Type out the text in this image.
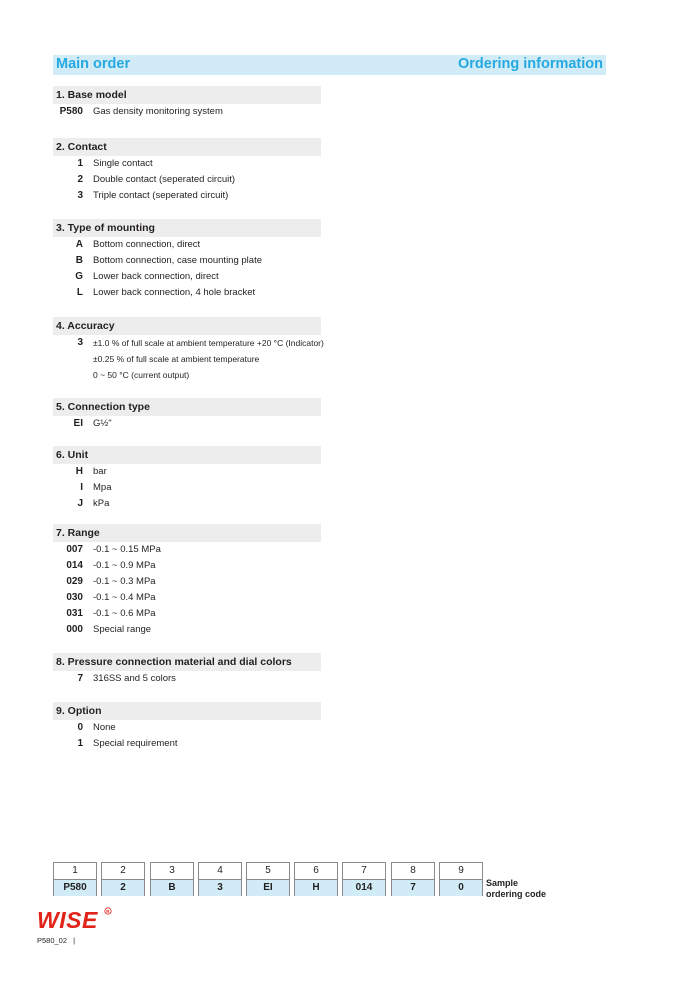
Main order	Ordering information
1. Base model
P580 Gas density monitoring system
2. Contact
1 Single contact
2 Double contact (seperated circuit)
3 Triple contact (seperated circuit)
3. Type of mounting
A Bottom connection, direct
B Bottom connection, case mounting plate
G Lower back connection, direct
L Lower back connection, 4 hole bracket
4. Accuracy
3 ±1.0 % of full scale at ambient temperature +20 °C (Indicator)
±0.25 % of full scale at ambient temperature
0 ~ 50 °C (current output)
5. Connection type
EI G½"
6. Unit
H bar
I Mpa
J kPa
7. Range
007 -0.1 ~ 0.15 MPa
014 -0.1 ~ 0.9 MPa
029 -0.1 ~ 0.3 MPa
030 -0.1 ~ 0.4 MPa
031 -0.1 ~ 0.6 MPa
000 Special range
8. Pressure connection material and dial colors
7 316SS and 5 colors
9. Option
0 None
1 Special requirement
1
P580
2
2
3
B
4
3
5
EI
6
H
7
014
8
7
9
0	Sample
ordering code
WISE R
P580_02 |
